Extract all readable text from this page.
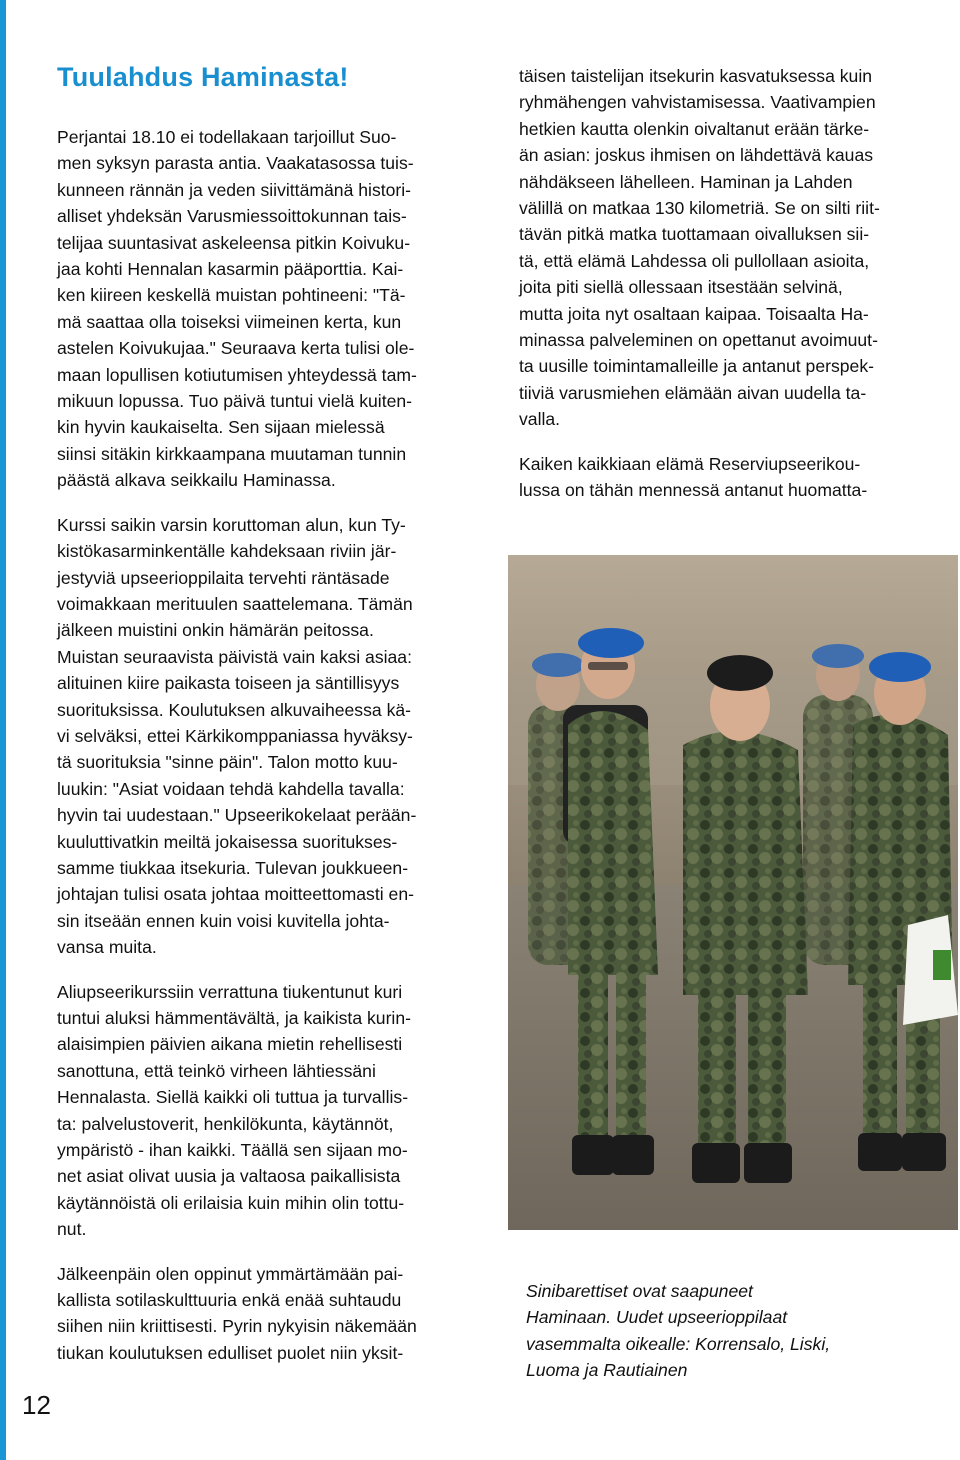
Tuulahdus Haminasta!

Perjantai 18.10 ei todellakaan tarjoillut Suo-
men syksyn parasta antia. Vaakatasossa tuis-
kunneen rännän ja veden siivittämänä histori-
alliset yhdeksän Varusmiessoittokunnan tais-
telijaa suuntasivat askeleensa pitkin Koivuku-
jaa kohti Hennalan kasarmin pääporttia. Kai-
ken kiireen keskellä muistan pohtineeni: "Tä-
mä saattaa olla toiseksi viimeinen kerta, kun
astelen Koivukujaa." Seuraava kerta tulisi ole-
maan lopullisen kotiutumisen yhteydessä tam-
mikuun lopussa. Tuo päivä tuntui vielä kuiten-
kin hyvin kaukaiselta. Sen sijaan mielessä
siinsi sitäkin kirkkaampana muutaman tunnin
päästä alkava seikkailu Haminassa.

Kurssi saikin varsin koruttoman alun, kun Ty-
kistökasarminkentälle kahdeksaan riviin jär-
jestyviä upseerioppilaita tervehti räntäsade
voimakkaan merituulen saattelemana. Tämän
jälkeen muistini onkin hämärän peitossa.
Muistan seuraavista päivistä vain kaksi asiaa:
alituinen kiire paikasta toiseen ja säntillisyys
suorituksissa. Koulutuksen alkuvaiheessa kä-
vi selväksi, ettei Kärkikomppaniassa hyväksy-
tä suorituksia "sinne päin". Talon motto kuu-
luukin: "Asiat voidaan tehdä kahdella tavalla:
hyvin tai uudestaan." Upseerikokelaat perään-
kuuluttivatkin meiltä jokaisessa suoritukses-
samme tiukkaa itsekuria. Tulevan joukkueen-
johtajan tulisi osata johtaa moitteettomasti en-
sin itseään ennen kuin voisi kuvitella johta-
vansa muita.

Aliupseerikurssiin verrattuna tiukentunut kuri
tuntui aluksi hämmentävältä, ja kaikista kurin-
alaisimpien päivien aikana mietin rehellisesti
sanottuna, että teinkö virheen lähtiessäni
Hennalasta. Siellä kaikki oli tuttua ja turvallis-
ta: palvelustoverit, henkilökunta, käytännöt,
ympäristö - ihan kaikki. Täällä sen sijaan mo-
net asiat olivat uusia ja valtaosa paikallisista
käytännöistä oli erilaisia kuin mihin olin tottu-
nut.

Jälkeenpäin olen oppinut ymmärtämään pai-
kallista sotilaskulttuuria enkä enää suhtaudu
siihen niin kriittisesti. Pyrin nykyisin näkemään
tiukan koulutuksen edulliset puolet niin yksit-

täisen taistelijan itsekurin kasvatuksessa kuin
ryhmähengen vahvistamisessa. Vaativampien
hetkien kautta olenkin oivaltanut erään tärke-
än asian: joskus ihmisen on lähdettävä kauas
nähdäkseen lähelleen. Haminan ja Lahden
välillä on matkaa 130 kilometriä. Se on silti riit-
tävän pitkä matka tuottamaan oivalluksen sii-
tä, että elämä Lahdessa oli pullollaan asioita,
joita piti siellä ollessaan itsestään selvinä,
mutta joita nyt osaltaan kaipaa. Toisaalta Ha-
minassa palveleminen on opettanut avoimuut-
ta uusille toimintamalleille ja antanut perspek-
tiiviä varusmiehen elämään aivan uudella ta-
valla.

Kaiken kaikkiaan elämä Reserviupseerikou-
lussa on tähän mennessä antanut huomatta-

Sinibarettiset ovat saapuneet
Haminaan. Uudet upseerioppilaat
vasemmalta oikealle: Korrensalo, Liski,
Luoma ja Rautiainen
12
